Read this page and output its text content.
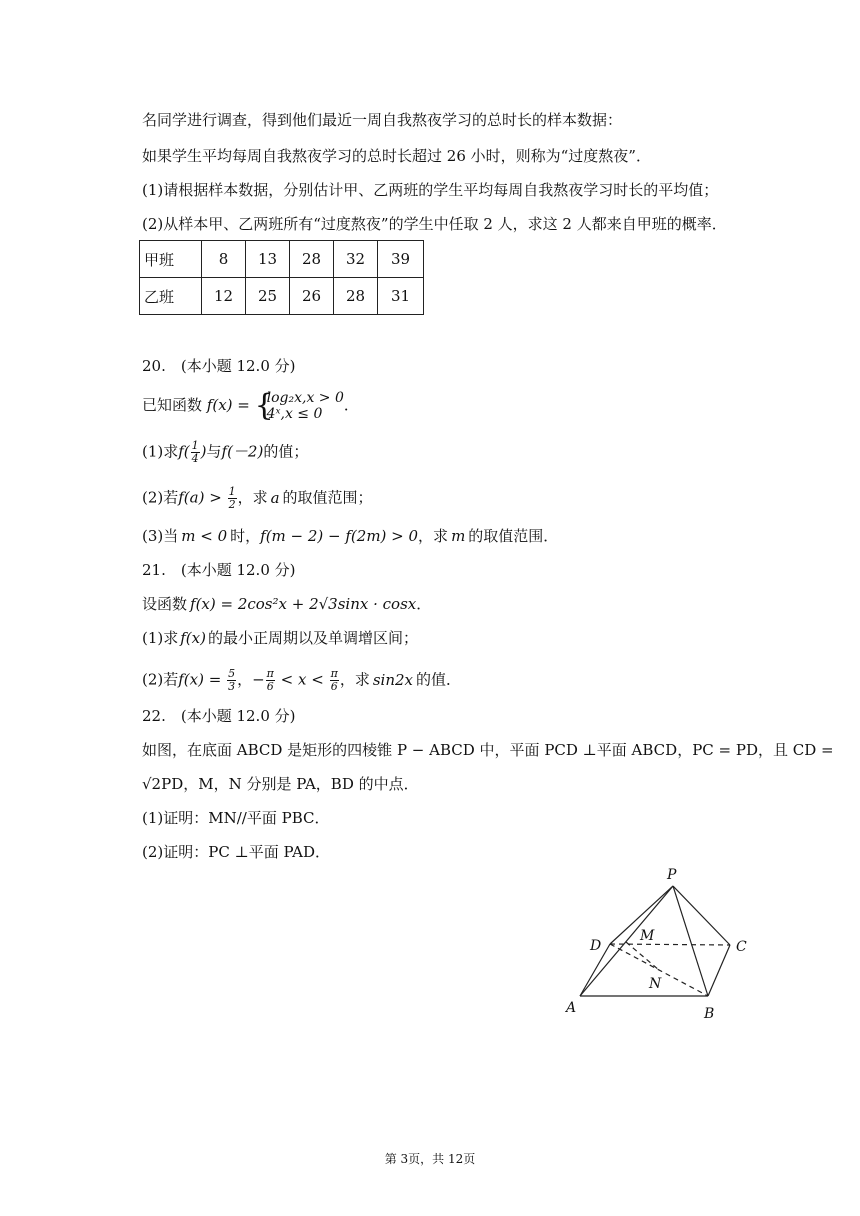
名同学进行调查，得到他们最近一周自我熬夜学习的总时长的样本数据：
如果学生平均每周自我熬夜学习的总时长超过 26 小时，则称为“过度熬夜”．
(1)请根据样本数据，分别估计甲、乙两班的学生平均每周自我熬夜学习时长的平均值；
(2)从样本甲、乙两班所有“过度熬夜”的学生中任取 2 人，求这 2 人都来自甲班的概率．
甲班	8	13	28	32	39
乙班	12	25	26	28	31
20.　(本小题 12.0 分)
已知函数 f(x) = {
log₂x,x > 0
4ˣ,x ≤ 0	．
(1)求$f( \frac{1}{4}$ )与f(－2)的值；
(2)若$f(a) > \frac{1}{2}$ ，求 a 的取值范围；
(3)当 m < 0 时，f(m − 2) − f(2m) > 0，求 m 的取值范围．
21.　(本小题 12.0 分)
设函数 f(x) = 2cos²x + 2√3sinx · cosx．
(1)求 f(x) 的最小正周期以及单调增区间；
(2)若$f(x) = \frac{5}{3}$ ，− $\frac{\pi}{6} < x < \frac{\pi}{6}$ ，求 sin2x 的值．
22.　(本小题 12.0 分)
如图，在底面 ABCD 是矩形的四棱锥 P − ABCD 中，平面 PCD ⊥平面 ABCD，PC = PD，且 CD =
√2PD，M，N 分别是 PA，BD 的中点．
(1)证明：MN//平面 PBC．
(2)证明：PC ⊥平面 PAD．
P
D
M
C
N
A	B
第 3页，共 12页
